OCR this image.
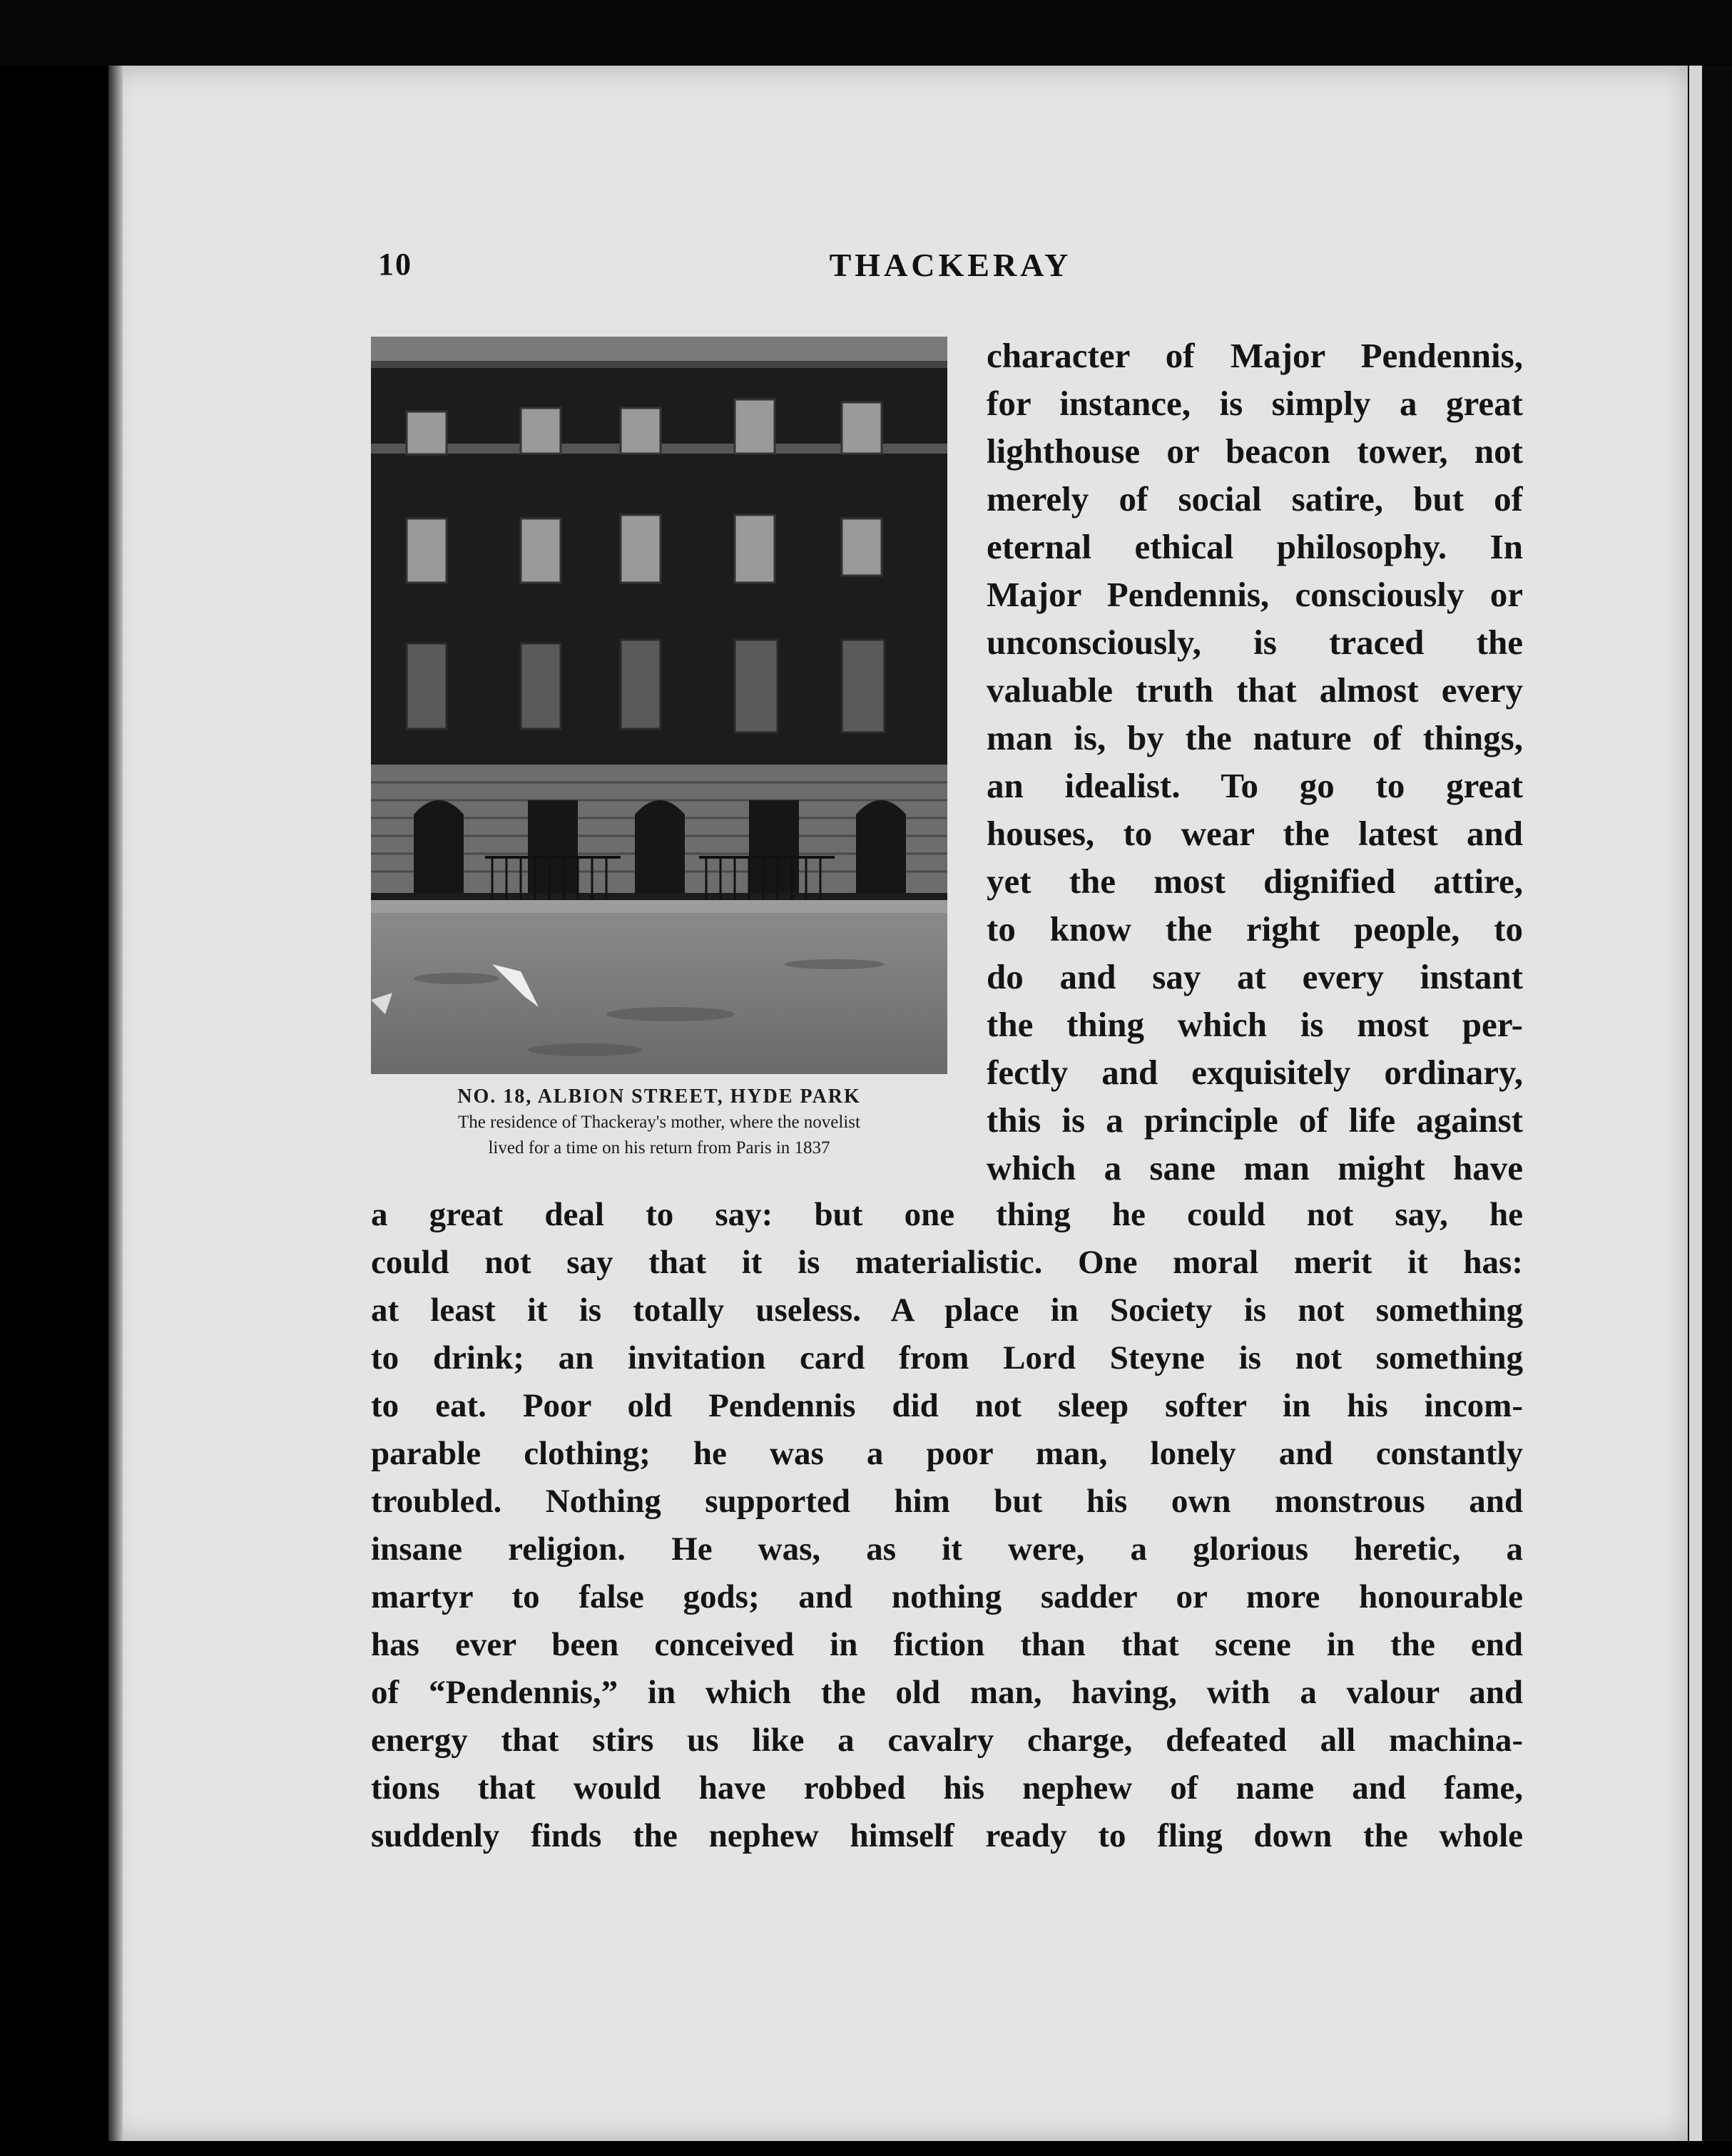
10	THACKERAY
NO. 18, ALBION STREET, HYDE PARK
The residence of Thackeray's mother, where the novelist
lived for a time on his return from Paris in 1837
character of Major Pendennis,
for instance, is simply a great
lighthouse or beacon tower, not
merely of social satire, but of
eternal ethical philosophy. In
Major Pendennis, consciously or
unconsciously, is traced the
valuable truth that almost every
man is, by the nature of things,
an idealist. To go to great
houses, to wear the latest and
yet the most dignified attire,
to know the right people, to
do and say at every instant
the thing which is most per-
fectly and exquisitely ordinary,
this is a principle of life against
which a sane man might have
a great deal to say: but one thing he could not say, he
could not say that it is materialistic. One moral merit it has:
at least it is totally useless. A place in Society is not something
to drink; an invitation card from Lord Steyne is not something
to eat. Poor old Pendennis did not sleep softer in his incom-
parable clothing; he was a poor man, lonely and constantly
troubled. Nothing supported him but his own monstrous and
insane religion. He was, as it were, a glorious heretic, a
martyr to false gods; and nothing sadder or more honourable
has ever been conceived in fiction than that scene in the end
of “Pendennis,” in which the old man, having, with a valour and
energy that stirs us like a cavalry charge, defeated all machina-
tions that would have robbed his nephew of name and fame,
suddenly finds the nephew himself ready to fling down the whole
